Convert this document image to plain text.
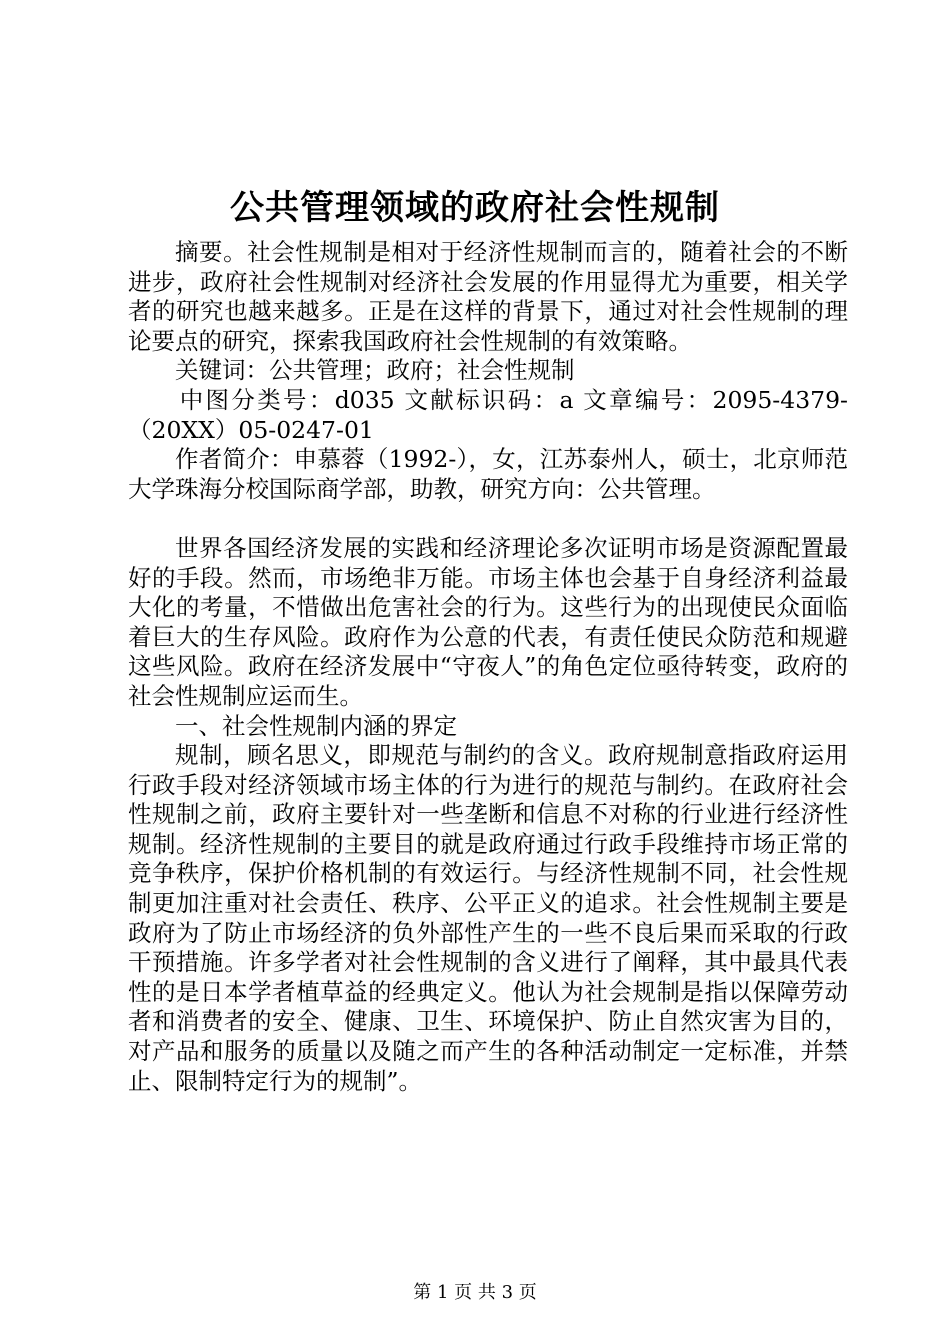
公共管理领域的政府社会性规制

摘要。社会性规制是相对于经济性规制而言的，随着社会的不断进步，政府社会性规制对经济社会发展的作用显得尤为重要，相关学者的研究也越来越多。正是在这样的背景下，通过对社会性规制的理论要点的研究，探索我国政府社会性规制的有效策略。

关键词：公共管理；政府；社会性规制

中图分类号：d035 文献标识码：a 文章编号：2095-4379-（20XX）05-0247-01

作者简介：申慕蓉（1992-），女，江苏泰州人，硕士，北京师范大学珠海分校国际商学部，助教，研究方向：公共管理。

世界各国经济发展的实践和经济理论多次证明市场是资源配置最好的手段。然而，市场绝非万能。市场主体也会基于自身经济利益最大化的考量，不惜做出危害社会的行为。这些行为的出现使民众面临着巨大的生存风险。政府作为公意的代表，有责任使民众防范和规避这些风险。政府在经济发展中“守夜人”的角色定位亟待转变，政府的社会性规制应运而生。

一、社会性规制内涵的界定

规制，顾名思义，即规范与制约的含义。政府规制意指政府运用行政手段对经济领域市场主体的行为进行的规范与制约。在政府社会性规制之前，政府主要针对一些垄断和信息不对称的行业进行经济性规制。经济性规制的主要目的就是政府通过行政手段维持市场正常的竞争秩序，保护价格机制的有效运行。与经济性规制不同，社会性规制更加注重对社会责任、秩序、公平正义的追求。社会性规制主要是政府为了防止市场经济的负外部性产生的一些不良后果而采取的行政干预措施。许多学者对社会性规制的含义进行了阐释，其中最具代表性的是日本学者植草益的经典定义。他认为社会规制是指以保障劳动者和消费者的安全、健康、卫生、环境保护、防止自然灾害为目的，对产品和服务的质量以及随之而产生的各种活动制定一定标准，并禁止、限制特定行为的规制”。

第 1 页 共 3 页
